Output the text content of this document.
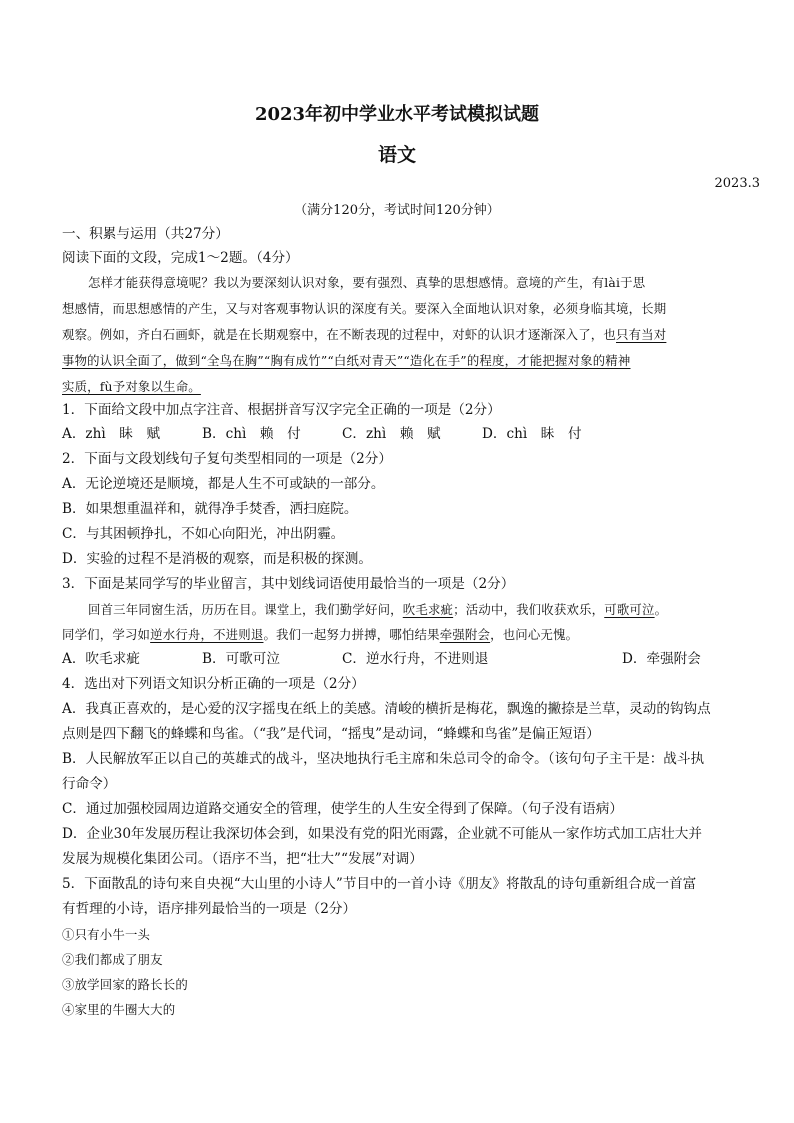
2023年初中学业水平考试模拟试题
语文
2023.3
（满分120分，考试时间120分钟）
一、积累与运用（共27分）
阅读下面的文段，完成1～2题。（4分）
怎样才能获得意境呢？我以为要深刻认识对象，要有强烈、真挚的思想感情。意境的产生，有lài于思
想感情，而思想感情的产生，又与对客观事物认识的深度有关。要深入全面地认识对象，必须身临其境，长期
观察。例如，齐白石画虾，就是在长期观察中，在不断表现的过程中，对虾的认识才逐渐深入了，也只有当对
事物的认识全面了，做到“全鸟在胸”“胸有成竹”“白纸对青天”“造化在手”的程度，才能把握对象的精神
实质，fù予对象以生命。
1．下面给文段中加点字注音、根据拼音写汉字完全正确的一项是（2分）
A．zhì　眛　赋	B．chì　赖　付	C．zhì　赖　赋	D．chì　眛　付
2．下面与文段划线句子复句类型相同的一项是（2分）
A．无论逆境还是顺境，都是人生不可或缺的一部分。
B．如果想重温祥和，就得净手焚香，洒扫庭院。
C．与其困顿挣扎，不如心向阳光，冲出阴霾。
D．实验的过程不是消极的观察，而是积极的探测。
3．下面是某同学写的毕业留言，其中划线词语使用最恰当的一项是（2分）
回首三年同窗生活，历历在目。课堂上，我们勤学好问，吹毛求疵；活动中，我们收获欢乐，可歌可泣。
同学们，学习如逆水行舟，不进则退。我们一起努力拼搏，哪怕结果牵强附会，也问心无愧。
A．吹毛求疵	B．可歌可泣	C．逆水行舟，不进则退	D．牵强附会
4．选出对下列语文知识分析正确的一项是（2分）
A．我真正喜欢的，是心爱的汉字摇曳在纸上的美感。清峻的横折是梅花，飘逸的撇捺是兰草，灵动的钩钩点
点则是四下翻飞的蜂蝶和鸟雀。（“我”是代词，“摇曳”是动词，“蜂蝶和鸟雀”是偏正短语）
B．人民解放军正以自己的英雄式的战斗，坚决地执行毛主席和朱总司令的命令。（该句句子主干是：战斗执
行命令）
C．通过加强校园周边道路交通安全的管理，使学生的人生安全得到了保障。（句子没有语病）
D．企业30年发展历程让我深切体会到，如果没有党的阳光雨露，企业就不可能从一家作坊式加工店壮大并
发展为规模化集团公司。（语序不当，把“壮大”“发展”对调）
5．下面散乱的诗句来自央视“大山里的小诗人”节目中的一首小诗《朋友》将散乱的诗句重新组合成一首富
有哲理的小诗，语序排列最恰当的一项是（2分）
①只有小牛一头
②我们都成了朋友
③放学回家的路长长的
④家里的牛圈大大的
